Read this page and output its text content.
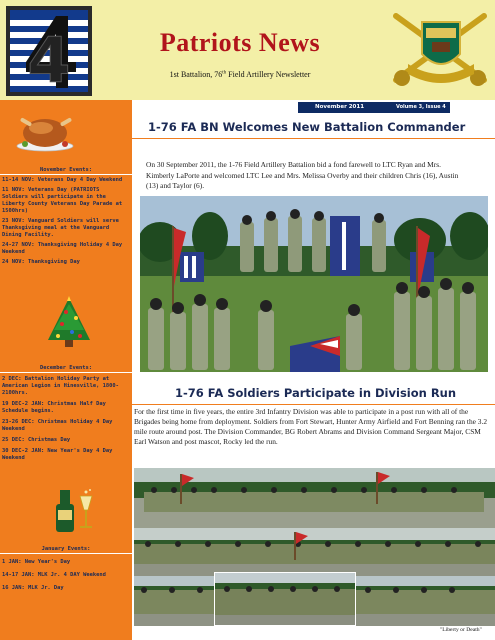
4	Patriots News
1st Battalion, 76th Field Artillery Newsletter
November Events:
11-14 NOV: Veterans Day 4 Day Weekend
11 NOV: Veterans Day (PATRIOTS Soldiers will participate in the Liberty County Veterans Day Parade at 1500hrs)
23 NOV: Vanguard Soldiers will serve Thanksgiving meal at the Vanguard Dining Facility.
24-27 NOV: Thanksgiving Holiday 4 Day Weekend
24 NOV: Thanksgiving Day
December Events:
2 DEC: Battalion Holiday Party at American Legion in Hinesville, 1800-2100hrs.
19 DEC-2 JAN: Christmas Half Day Schedule begins.
23-26 DEC: Christmas Holiday 4 Day Weekend
25 DEC: Christmas Day
30 DEC-2 JAN: New Year's Day 4 Day Weekend
January Events:
1 JAN: New Year's Day
14-17 JAN: MLK Jr. 4 DAY Weekend
16 JAN: MLK Jr. Day
November 2011	Volume 3, Issue 4
1-76 FA BN Welcomes New Battalion Commander
On 30 September 2011, the 1-76 Field Artillery Battalion bid a fond farewell to LTC Ryan and Mrs. Kimberly LaPorte and welcomed LTC Lee and Mrs. Melissa Overby and their children Chris (16), Austin (13) and Taylor (6).
1-76 FA Soldiers Participate in Division Run
For the first time in five years, the entire 3rd Infantry Division was able to participate in a post run with all of the Brigades being home from deployment. Soldiers from Fort Stewart, Hunter Army Airfield and Fort Benning ran the 3.2 mile route around post. The Division Commander, BG Robert Abrams and Division Command Sergeant Major, CSM Earl Watson and post mascot, Rocky led the run.
"Liberty or Death"
